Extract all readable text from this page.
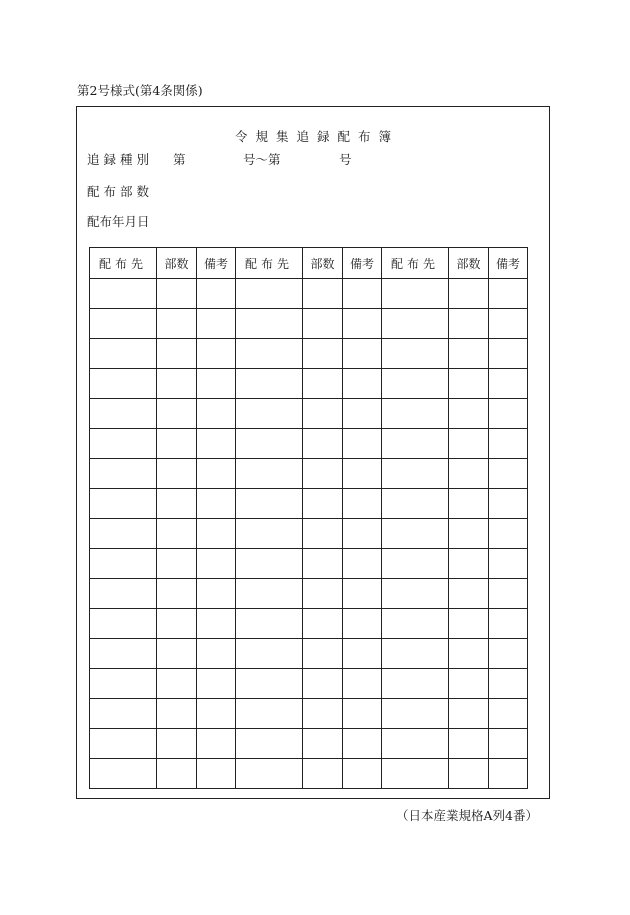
第2号様式(第4条関係)
令規集追録配布簿
追録種別 第	号～第	号
配布部数
配布年月日
配布先	部数	備考	配布先	部数	備考	配布先	部数	備考

（日本産業規格A列4番）
